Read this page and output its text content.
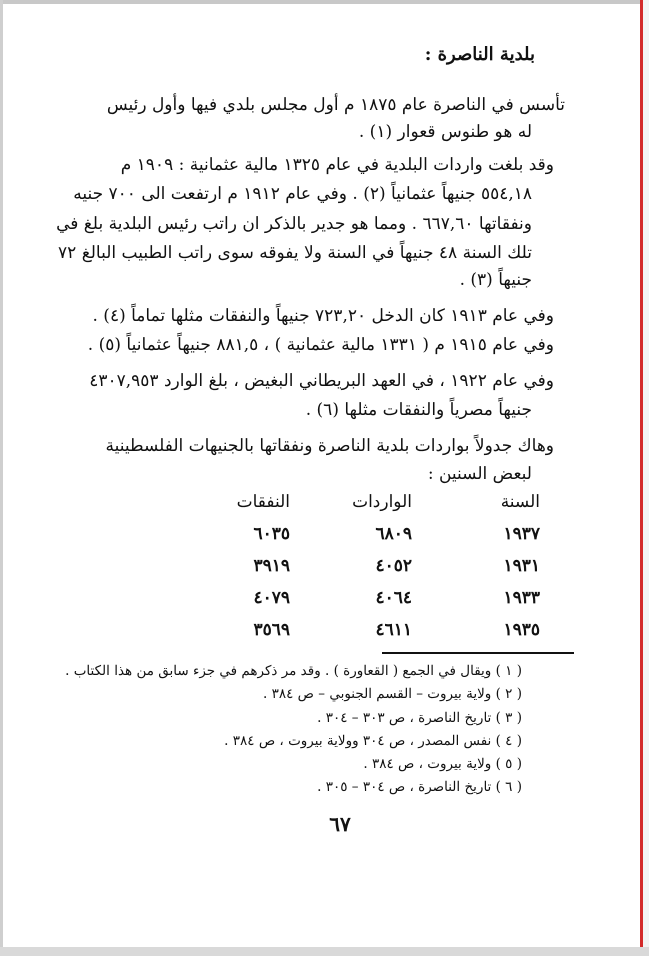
بلدية الناصرة :
تأسس في الناصرة عام ١٨٧٥ م أول مجلس بلدي فيها وأول رئيس
له هو طنوس قعوار (١) .
وقد بلغت واردات البلدية في عام ١٣٢٥ مالية عثمانية : ١٩٠٩ م
٥٥٤,١٨ جنيهاً عثمانياً (٢) . وفي عام ١٩١٢ م ارتفعت الى ٧٠٠ جنيه
ونفقاتها ٦٦٧,٦٠ . ومما هو جدير بالذكر ان راتب رئيس البلدية بلغ في
تلك السنة ٤٨ جنيهاً في السنة ولا يفوقه سوى راتب الطبيب البالغ ٧٢
جنيهاً (٣) .
وفي عام ١٩١٣ كان الدخل ٧٢٣,٢٠ جنيهاً والنفقات مثلها تماماً (٤) .
وفي عام ١٩١٥ م ( ١٣٣١ مالية عثمانية ) ، ٨٨١,٥ جنيهاً عثمانياً (٥) .
وفي عام ١٩٢٢ ، في العهد البريطاني البغيض ، بلغ الوارد ٤٣٠٧,٩٥٣
جنيهاً مصرياً والنفقات مثلها (٦) .
وهاك جدولاً بواردات بلدية الناصرة ونفقاتها بالجنيهات الفلسطينية
لبعض السنين :
السنة
الواردات
النفقات
١٩٣٧
٦٨٠٩
٦٠٣٥
١٩٣١
٤٠٥٢
٣٩١٩
١٩٣٣
٤٠٦٤
٤٠٧٩
١٩٣٥
٤٦١١
٣٥٦٩
( ١ ) ويقال في الجمع ( القعاورة ) . وقد مر ذكرهم في جزء سابق من هذا الكتاب .
( ٢ ) ولاية بيروت – القسم الجنوبي – ص ٣٨٤ .
( ٣ ) تاريخ الناصرة ، ص ٣٠٣ – ٣٠٤ .
( ٤ ) نفس المصدر ، ص ٣٠٤ وولاية بيروت ، ص ٣٨٤ .
( ٥ ) ولاية بيروت ، ص ٣٨٤ .
( ٦ ) تاريخ الناصرة ، ص ٣٠٤ – ٣٠٥ .
٦٧
